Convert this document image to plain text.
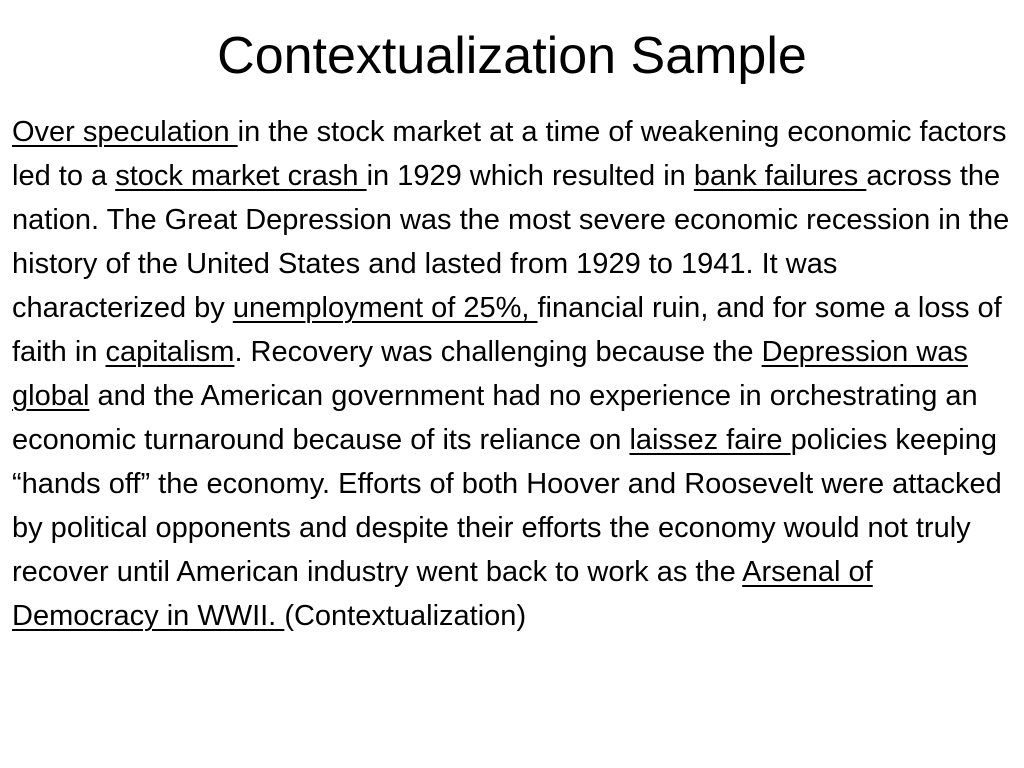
Contextualization Sample

Over speculation in the stock market at a time of weakening economic factors led to a stock market crash in 1929 which resulted in bank failures across the nation. The Great Depression was the most severe economic recession in the history of the United States and lasted from 1929 to 1941. It was characterized by unemployment of 25%, financial ruin, and for some a loss of faith in capitalism. Recovery was challenging because the Depression was global and the American government had no experience in orchestrating an economic turnaround because of its reliance on laissez faire policies keeping “hands off” the economy. Efforts of both Hoover and Roosevelt were attacked by political opponents and despite their efforts the economy would not truly recover until American industry went back to work as the Arsenal of Democracy in WWII. (Contextualization)
